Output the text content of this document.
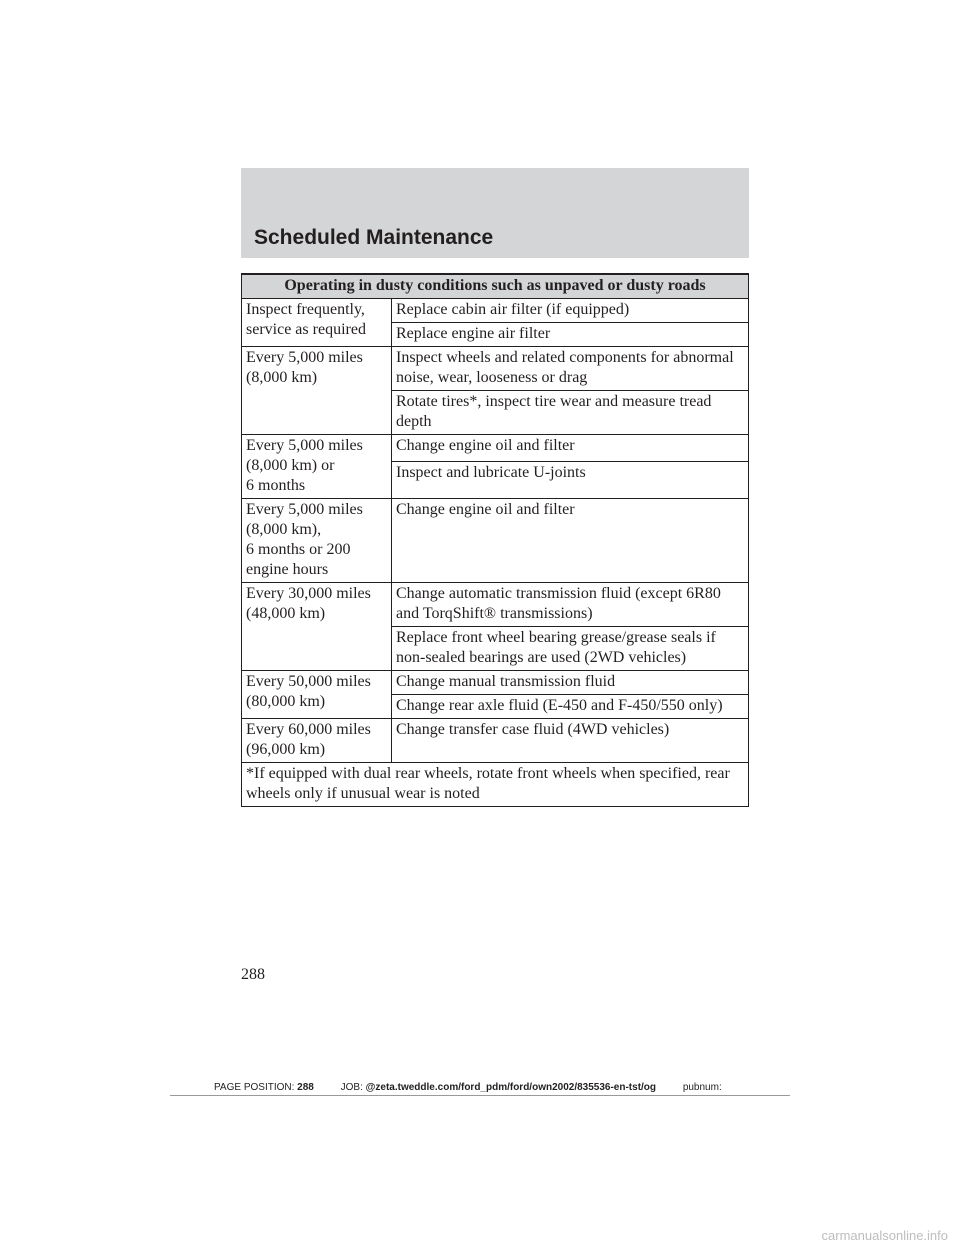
Scheduled Maintenance
Operating in dusty conditions such as unpaved or dusty roads	
Inspect frequently,
service as required	Replace cabin air filter (if equipped)
	Replace engine air filter
Every 5,000 miles
(8,000 km)	Inspect wheels and related components for abnormal noise, wear, looseness or drag
	Rotate tires*, inspect tire wear and measure tread depth
Every 5,000 miles
(8,000 km) or
6 months	Change engine oil and filter
	Inspect and lubricate U-joints
Every 5,000 miles
(8,000 km),
6 months or 200
engine hours	Change engine oil and filter
Every 30,000 miles
(48,000 km)	Change automatic transmission fluid (except 6R80 and TorqShift® transmissions)
	Replace front wheel bearing grease/grease seals if non-sealed bearings are used (2WD vehicles)
Every 50,000 miles
(80,000 km)	Change manual transmission fluid
	Change rear axle fluid (E-450 and F-450/550 only)
Every 60,000 miles
(96,000 km)	Change transfer case fluid (4WD vehicles)
*If equipped with dual rear wheels, rotate front wheels when specified, rear wheels only if unusual wear is noted	
288
PAGE POSITION: 288	JOB: @zeta.tweddle.com/ford_pdm/ford/own2002/835536-en-tst/og	pubnum:
carmanualsonline.info
